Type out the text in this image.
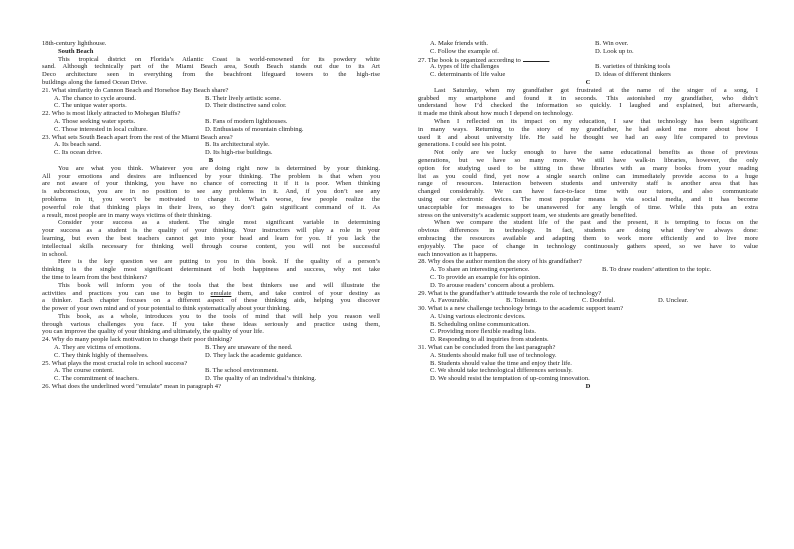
18th-century lighthouse.
South Beach
This tropical district on Florida’s Atlantic Coast is world-renowned for its powdery white
sand. Although technically part of the Miami Beach area, South Beach stands out due to its Art
Deco architecture seen in everything from the beachfront lifeguard towers to the high-rise
buildings along the famed Ocean Drive.
21. What similarity do Cannon Beach and Horsehoe Bay Beach share?
A. The chance to cycle around.	B. Their lively artistic scene.
C. The unique water sports.	D. Their distinctive sand color.
22. Who is most likely attracted to Mohegan Bluffs?
A. Those seeking water sports.	B. Fans of modern lighthouses.
C. Those interested in local culture.	D. Enthusiasts of mountain climbing.
23. What sets South Beach apart from the rest of the Miami Beach area?
A. Its beach sand.	B. Its architectural style.
C. Its ocean drive.	D. Its high-rise buildings.
B
You are what you think. Whatever you are doing right now is determined by your thinking.
All your emotions and desires are influenced by your thinking. The problem is that when you
are not aware of your thinking, you have no chance of correcting it if it is poor. When thinking
is subconscious, you are in no position to see any problems in it. And, if you don’t see any
problems in it, you won’t be motivated to change it. What’s worse, few people realize the
powerful role that thinking plays in their lives, so they don’t gain significant command of it. As
a result, most people are in many ways victims of their thinking.
Consider your success as a student. The single most significant variable in determining
your success as a student is the quality of your thinking. Your instructors will play a role in your
learning, but even the best teachers cannot get into your head and learn for you. If you lack the
intellectual skills necessary for thinking well through course content, you will not be successful
in school.
Here is the key question we are putting to you in this book. If the quality of a person’s
thinking is the single most significant determinant of both happiness and success, why not take
the time to learn from the best thinkers?
This book will inform you of the tools that the best thinkers use and will illustrate the
activities and practices you can use to begin to emulate them, and take control of your destiny as
a thinker. Each chapter focuses on a different aspect of these thinking aids, helping you discover
the power of your own mind and of your potential to think systematically about your thinking.
This book, as a whole, introduces you to the tools of mind that will help you reason well
through various challenges you face. If you take these ideas seriously and practice using them,
you can improve the quality of your thinking and ultimately, the quality of your life.
24. Why do many people lack motivation to change their poor thinking?
A. They are victims of emotions.	B. They are unaware of the need.
C. They think highly of themselves.	D. They lack the academic guidance.
25. What plays the most crucial role in school success?
A. The course content.	B. The school environment.
C. The commitment of teachers.	D. The quality of an individual’s thinking.
26. What does the underlined word "emulate" mean in paragraph 4?
A. Make friends with.	B. Win over.
C. Follow the example of.	D. Look up to.
27. The book is organized according to	.
A. types of life challenges	B. varieties of thinking tools
C. determinants of life value	D. ideas of different thinkers
C
Last Saturday, when my grandfather got frustrated at the name of the singer of a song, I
grabbed my smartphone and found it in seconds. This astonished my grandfather, who didn’t
understand how I’d checked the information so quickly. I laughed and explained, but afterwards,
it made me think about how much I depend on technology.
When I reflected on its impact on my education, I saw that technology has been significant
in many ways. Returning to the story of my grandfather, he had asked me more about how I
used it and about university life. He said he thought we had an easy life compared to previous
generations. I could see his point.
Not only are we lucky enough to have the same educational benefits as those of previous
generations, but we have so many more. We still have walk-in libraries, however, the only
option for studying used to be sitting in these libraries with as many books from your reading
list as you could find, yet now a single search online can immediately provide access to a huge
range of resources. Interaction between students and university staff is another area that has
changed considerably. We can have face-to-face time with our tutors, and also communicate
using our electronic devices. The most popular means is via social media, and it has become
unacceptable for messages to be unanswered for any length of time. While this puts an extra
stress on the university’s academic support team, we students are greatly benefited.
When we compare the student life of the past and the present, it is tempting to focus on the
obvious differences in technology. In fact, students are doing what they’ve always done:
embracing the resources available and adapting them to work more efficiently and to live more
enjoyably. The pace of change in technology continuously gathers speed, so we have to value
each innovation as it happens.
28. Why does the author mention the story of his grandfather?
A. To share an interesting experience.	B. To draw readers’ attention to the topic.
C. To provide an example for his opinion.
D. To arouse readers’ concern about a problem.
29. What is the grandfather’s attitude towards the role of technology?
A. Favourable.	B. Tolerant.	C. Doubtful.	D. Unclear.
30. What is a new challenge technology brings to the academic support team?
A. Using various electronic devices.
B. Scheduling online communication.
C. Providing more flexible reading lists.
D. Responding to all inquiries from students.
31. What can be concluded from the last paragraph?
A. Students should make full use of technology.
B. Students should value the time and enjoy their life.
C. We should take technological differences seriously.
D. We should resist the temptation of up-coming innovation.
D
